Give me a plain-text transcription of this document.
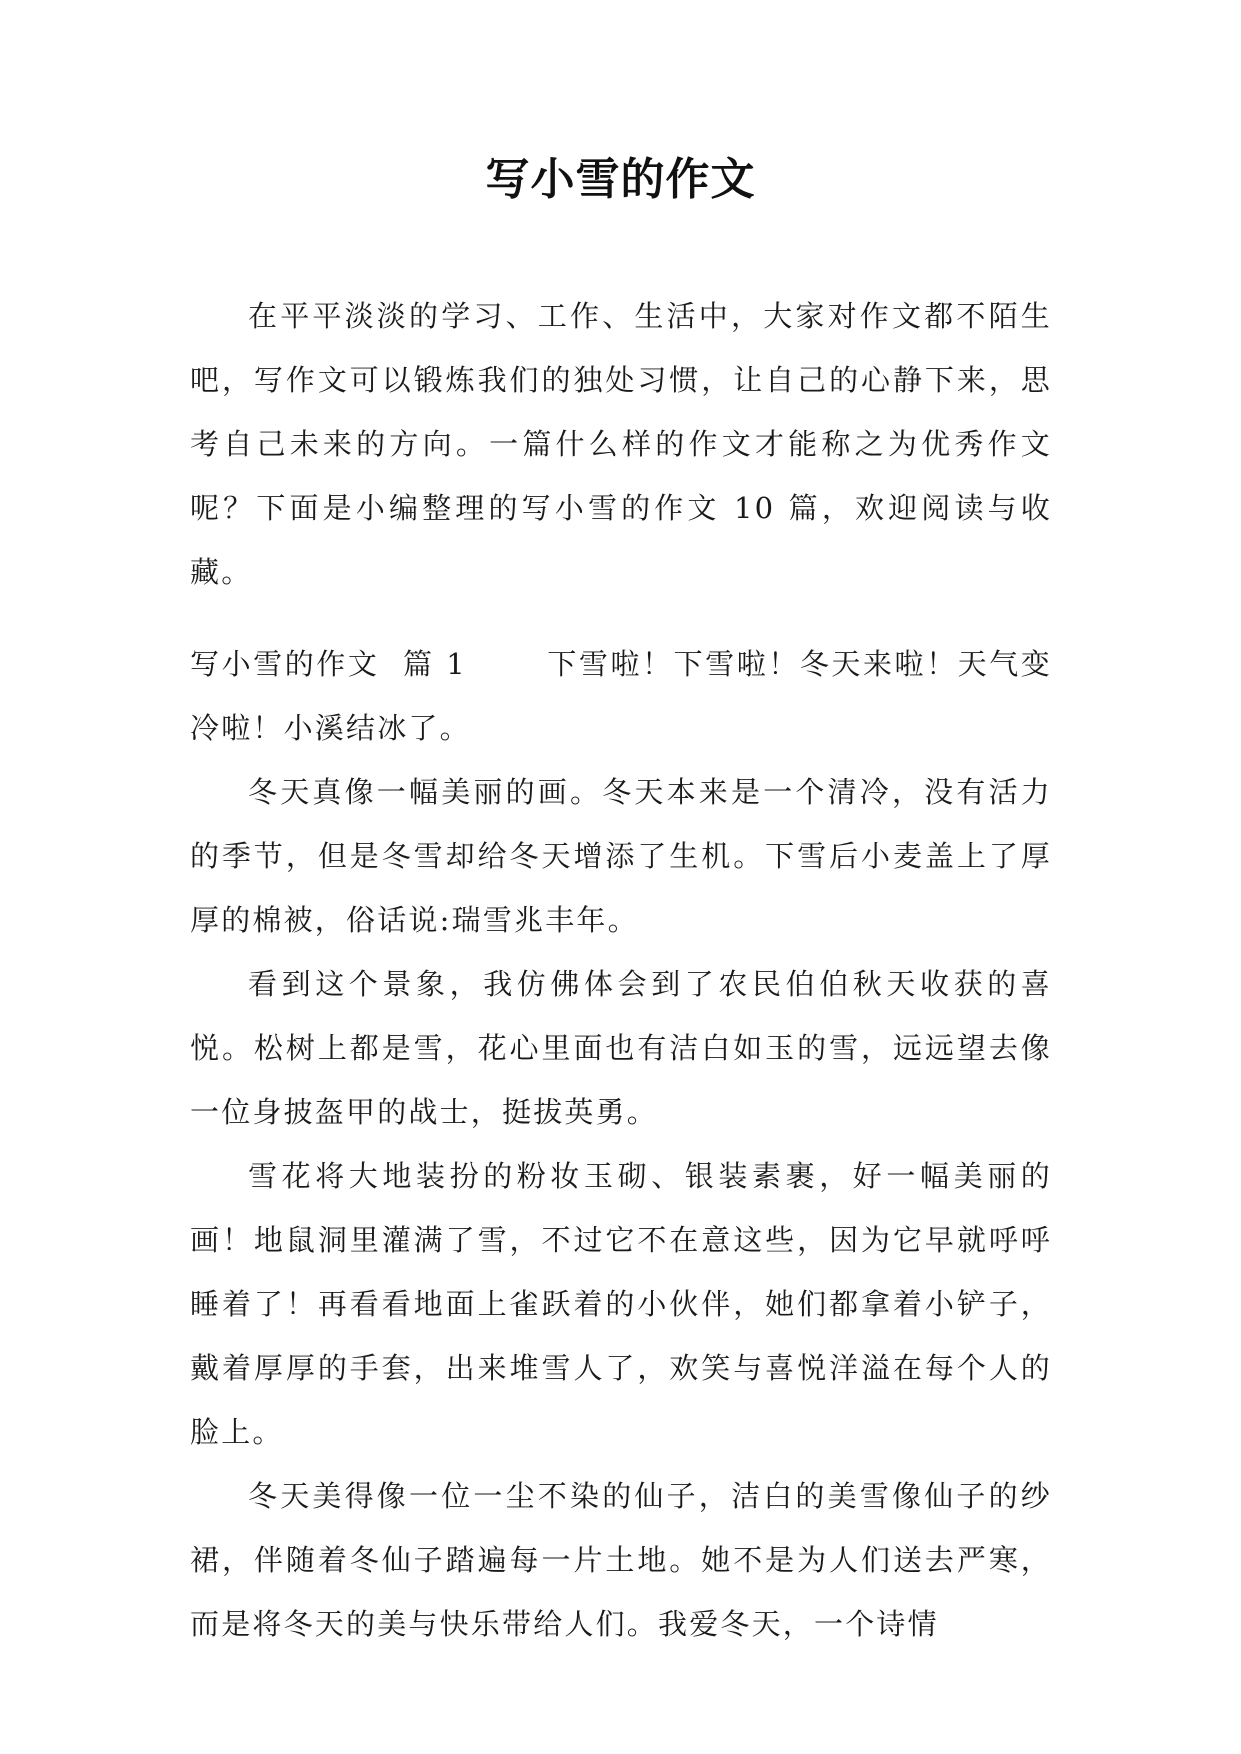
写小雪的作文

在平平淡淡的学习、工作、生活中，大家对作文都不陌生吧，写作文可以锻炼我们的独处习惯，让自己的心静下来，思考自己未来的方向。一篇什么样的作文才能称之为优秀作文呢？下面是小编整理的写小雪的作文 10 篇，欢迎阅读与收藏。

写小雪的作文  篇 1	下雪啦！下雪啦！冬天来啦！天气变冷啦！小溪结冰了。

冬天真像一幅美丽的画。冬天本来是一个清冷，没有活力的季节，但是冬雪却给冬天增添了生机。下雪后小麦盖上了厚厚的棉被，俗话说:瑞雪兆丰年。

看到这个景象，我仿佛体会到了农民伯伯秋天收获的喜悦。松树上都是雪，花心里面也有洁白如玉的雪，远远望去像一位身披盔甲的战士，挺拔英勇。

雪花将大地装扮的粉妆玉砌、银装素裹，好一幅美丽的画！地鼠洞里灌满了雪，不过它不在意这些，因为它早就呼呼睡着了！再看看地面上雀跃着的小伙伴，她们都拿着小铲子，戴着厚厚的手套，出来堆雪人了，欢笑与喜悦洋溢在每个人的脸上。

冬天美得像一位一尘不染的仙子，洁白的美雪像仙子的纱裙，伴随着冬仙子踏遍每一片土地。她不是为人们送去严寒，而是将冬天的美与快乐带给人们。我爱冬天，一个诗情
